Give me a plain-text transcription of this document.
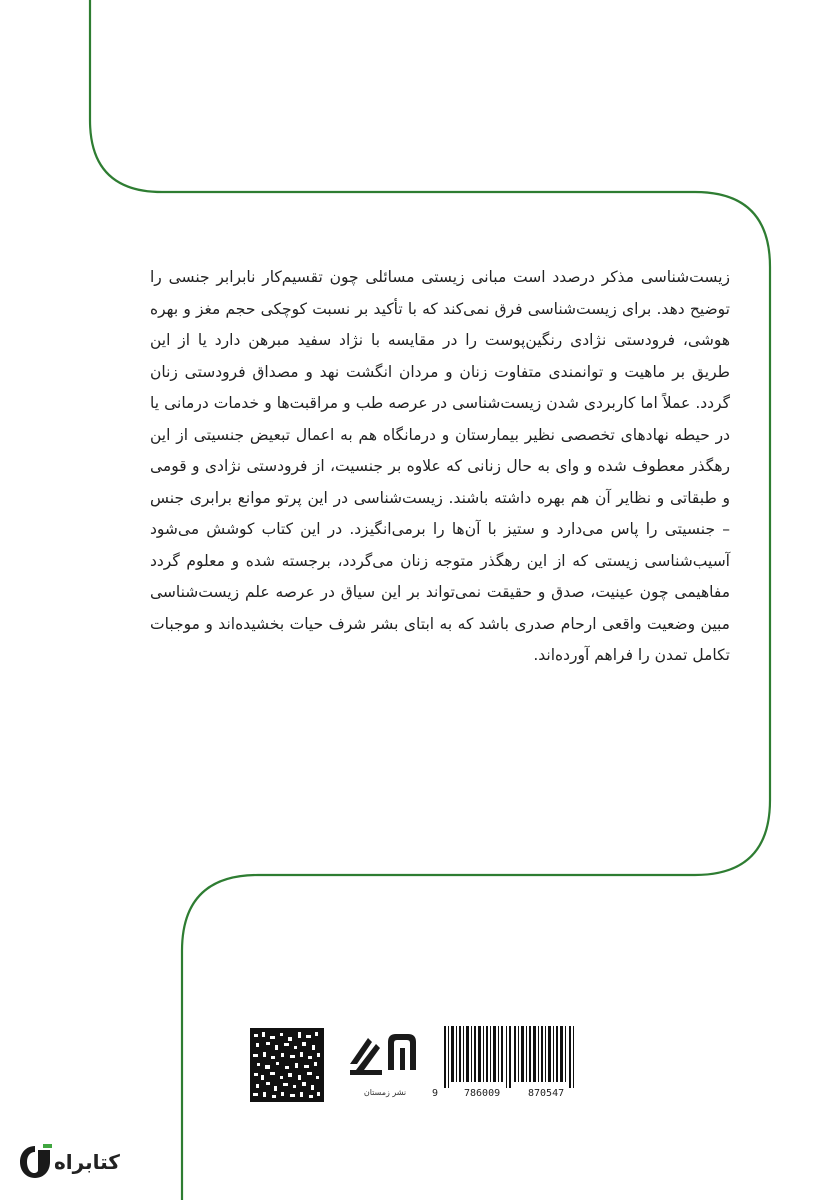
زیست‌شناسی مذکر درصدد است مبانی زیستی مسائلی چون تقسیم‌کار نابرابر جنسی را توضیح دهد. برای زیست‌شناسی فرق نمی‌کند که با تأکید بر نسبت کوچکی حجم مغز و بهره هوشی، فرودستی نژادی رنگین‌پوست را در مقایسه با نژاد سفید مبرهن دارد یا از این طریق بر ماهیت و توانمندی متفاوت زنان و مردان انگشت نهد و مصداق فرودستی زنان گردد. عملاً اما کاربردی شدن زیست‌شناسی در عرصه طب و مراقبت‌ها و خدمات درمانی یا در حیطه نهادهای تخصصی نظیر بیمارستان و درمانگاه هم به اعمال تبعیض جنسیتی از این رهگذر معطوف شده و وای به حال زنانی که علاوه بر جنسیت، از فرودستی نژادی و قومی و طبقاتی و نظایر آن هم بهره داشته باشند. زیست‌شناسی در این پرتو موانع برابری جنس – جنسیتی را پاس می‌دارد و ستیز با آن‌ها را برمی‌انگیزد. در این کتاب کوشش می‌شود آسیب‌شناسی زیستی که از این رهگذر متوجه زنان می‌گردد، برجسته شده و معلوم گردد مفاهیمی چون عینیت، صدق و حقیقت نمی‌تواند بر این سیاق در عرصه علم زیست‌شناسی مبین وضعیت واقعی ارحام صدری باشد که به ابتای بشر شرف حیات بخشیده‌اند و موجبات تکامل تمدن را فراهم آورده‌اند.
نشر زمستان	9	786009	870547
کتابراه
